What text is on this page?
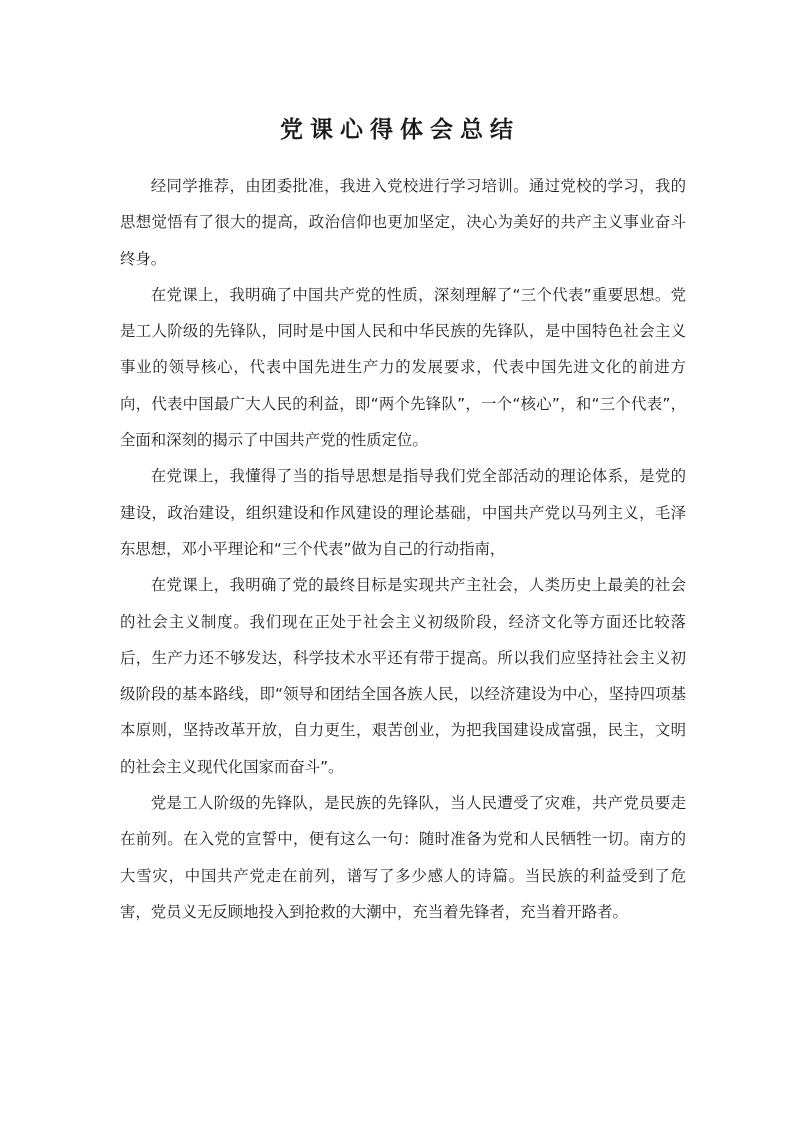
党课心得体会总结

经同学推荐，由团委批准，我进入党校进行学习培训。通过党校的学习，我的思想觉悟有了很大的提高，政治信仰也更加坚定，决心为美好的共产主义事业奋斗终身。

在党课上，我明确了中国共产党的性质，深刻理解了“三个代表”重要思想。党是工人阶级的先锋队，同时是中国人民和中华民族的先锋队，是中国特色社会主义事业的领导核心，代表中国先进生产力的发展要求，代表中国先进文化的前进方向，代表中国最广大人民的利益，即“两个先锋队”，一个“核心”，和“三个代表”，全面和深刻的揭示了中国共产党的性质定位。

在党课上，我懂得了当的指导思想是指导我们党全部活动的理论体系，是党的建设，政治建设，组织建设和作风建设的理论基础，中国共产党以马列主义，毛泽东思想，邓小平理论和“三个代表”做为自己的行动指南，

在党课上，我明确了党的最终目标是实现共产主社会，人类历史上最美的社会的社会主义制度。我们现在正处于社会主义初级阶段，经济文化等方面还比较落后，生产力还不够发达，科学技术水平还有带于提高。所以我们应坚持社会主义初级阶段的基本路线，即“领导和团结全国各族人民，以经济建设为中心，坚持四项基本原则，坚持改革开放，自力更生，艰苦创业，为把我国建设成富强，民主，文明的社会主义现代化国家而奋斗”。

党是工人阶级的先锋队，是民族的先锋队，当人民遭受了灾难，共产党员要走在前列。在入党的宣誓中，便有这么一句：随时准备为党和人民牺牲一切。南方的大雪灾，中国共产党走在前列，谱写了多少感人的诗篇。当民族的利益受到了危害，党员义无反顾地投入到抢救的大潮中，充当着先锋者，充当着开路者。
